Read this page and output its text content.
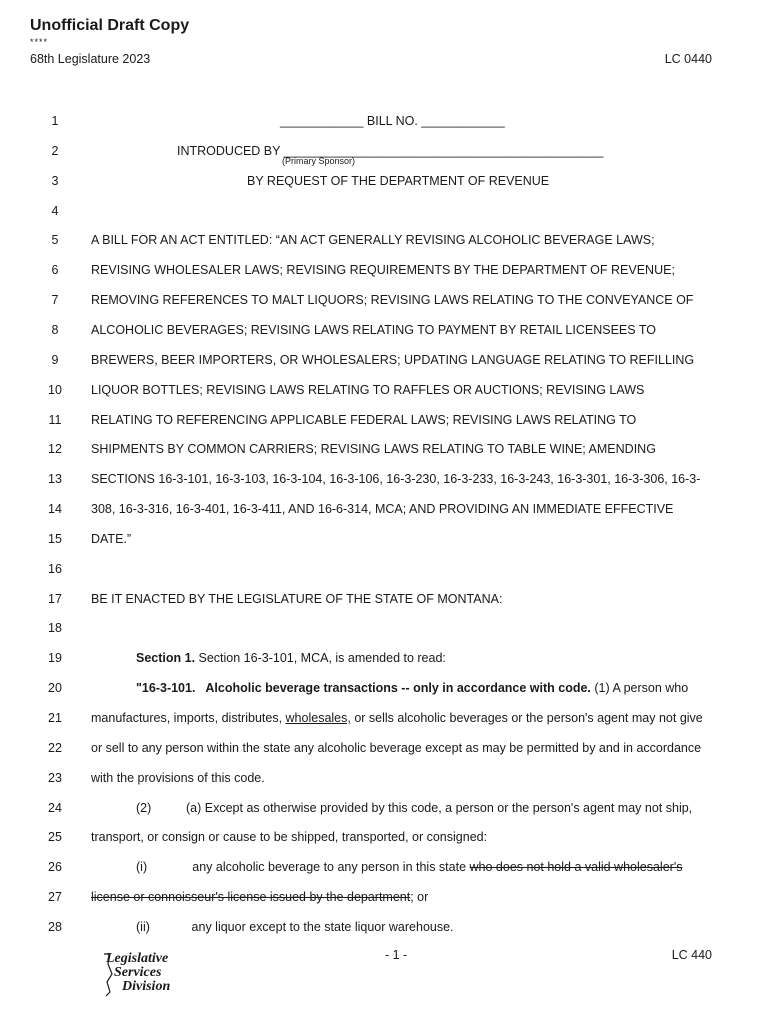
Unofficial Draft Copy
****
68th Legislature 2023	LC 0440
1	____________ BILL NO. ____________
2	INTRODUCED BY ______________________________________________
3	BY REQUEST OF THE DEPARTMENT OF REVENUE
4
5	A BILL FOR AN ACT ENTITLED: “AN ACT GENERALLY REVISING ALCOHOLIC BEVERAGE LAWS;
6	REVISING WHOLESALER LAWS; REVISING REQUIREMENTS BY THE DEPARTMENT OF REVENUE;
7	REMOVING REFERENCES TO MALT LIQUORS; REVISING LAWS RELATING TO THE CONVEYANCE OF
8	ALCOHOLIC BEVERAGES; REVISING LAWS RELATING TO PAYMENT BY RETAIL LICENSEES TO
9	BREWERS, BEER IMPORTERS, OR WHOLESALERS; UPDATING LANGUAGE RELATING TO REFILLING
10	LIQUOR BOTTLES; REVISING LAWS RELATING TO RAFFLES OR AUCTIONS; REVISING LAWS
11	RELATING TO REFERENCING APPLICABLE FEDERAL LAWS; REVISING LAWS RELATING TO
12	SHIPMENTS BY COMMON CARRIERS; REVISING LAWS RELATING TO TABLE WINE; AMENDING
13	SECTIONS 16-3-101, 16-3-103, 16-3-104, 16-3-106, 16-3-230, 16-3-233, 16-3-243, 16-3-301, 16-3-306, 16-3-
14	308, 16-3-316, 16-3-401, 16-3-411, AND 16-6-314, MCA; AND PROVIDING AN IMMEDIATE EFFECTIVE
15	DATE.”
16
17	BE IT ENACTED BY THE LEGISLATURE OF THE STATE OF MONTANA:
18
19	Section 1. Section 16-3-101, MCA, is amended to read:
20	"16-3-101.   Alcoholic beverage transactions -- only in accordance with code. (1) A person who
21	manufactures, imports, distributes, wholesales, or sells alcoholic beverages or the person's agent may not give
22	or sell to any person within the state any alcoholic beverage except as may be permitted by and in accordance
23	with the provisions of this code.
24	(2)          (a) Except as otherwise provided by this code, a person or the person's agent may not ship,
25	transport, or consign or cause to be shipped, transported, or consigned:
26	(i)             any alcoholic beverage to any person in this state who does not hold a valid wholesaler's
27	license or connoisseur's license issued by the department; or
28	(ii)            any liquor except to the state liquor warehouse.
(Primary Sponsor)
- 1 -	LC 440
Legislative
Services
Division
